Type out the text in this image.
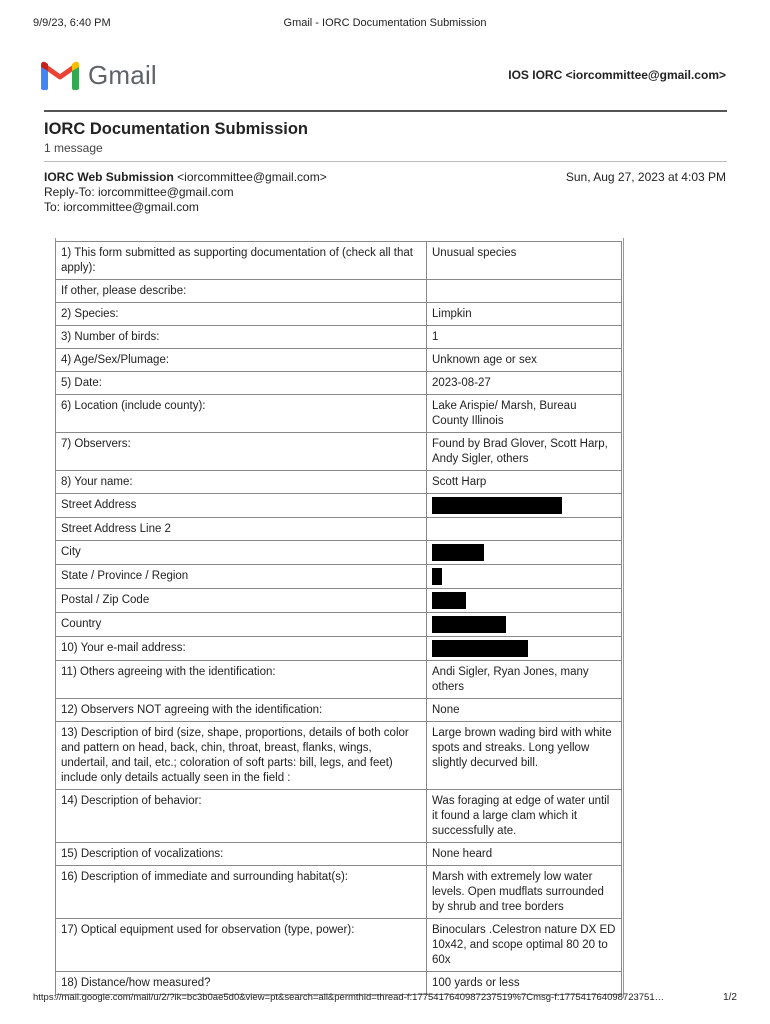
9/9/23, 6:40 PM	Gmail - IORC Documentation Submission
Gmail	IOS IORC <iorcommittee@gmail.com>
IORC Documentation Submission
1 message
IORC Web Submission <iorcommittee@gmail.com>
Reply-To: iorcommittee@gmail.com
To: iorcommittee@gmail.com
Sun, Aug 27, 2023 at 4:03 PM
1) This form submitted as supporting documentation of (check all that apply):	Unusual species
If other, please describe:	
2) Species:	Limpkin
3) Number of birds:	1
4) Age/Sex/Plumage:	Unknown age or sex
5) Date:	2023-08-27
6) Location (include county):	Lake Arispie/ Marsh, Bureau County Illinois
7) Observers:	Found by Brad Glover, Scott Harp, Andy Sigler, others
8) Your name:	Scott Harp
Street Address	
Street Address Line 2	
City	
State / Province / Region	
Postal / Zip Code	
Country	
10) Your e-mail address:	
11) Others agreeing with the identification:	Andi Sigler, Ryan Jones, many others
12) Observers NOT agreeing with the identification:	None
13) Description of bird (size, shape, proportions, details of both color and pattern on head, back, chin, throat, breast, flanks, wings, undertail, and tail, etc.; coloration of soft parts: bill, legs, and feet) include only details actually seen in the field :	Large brown wading bird with white spots and streaks. Long yellow slightly decurved bill.
14) Description of behavior:	Was foraging at edge of water until it found a large clam which it successfully ate.
15) Description of vocalizations:	None heard
16) Description of immediate and surrounding habitat(s):	Marsh with extremely low water levels. Open mudflats surrounded by shrub and tree borders
17) Optical equipment used for observation (type, power):	Binoculars .Celestron nature DX ED 10x42, and scope optimal 80 20 to 60x
18) Distance/how measured?	100 yards or less
https://mail.google.com/mail/u/2/?ik=bc3b0ae5d0&view=pt&search=all&permthid=thread-f:1775417640987237519%7Cmsg-f:177541764098723751…	1/2
